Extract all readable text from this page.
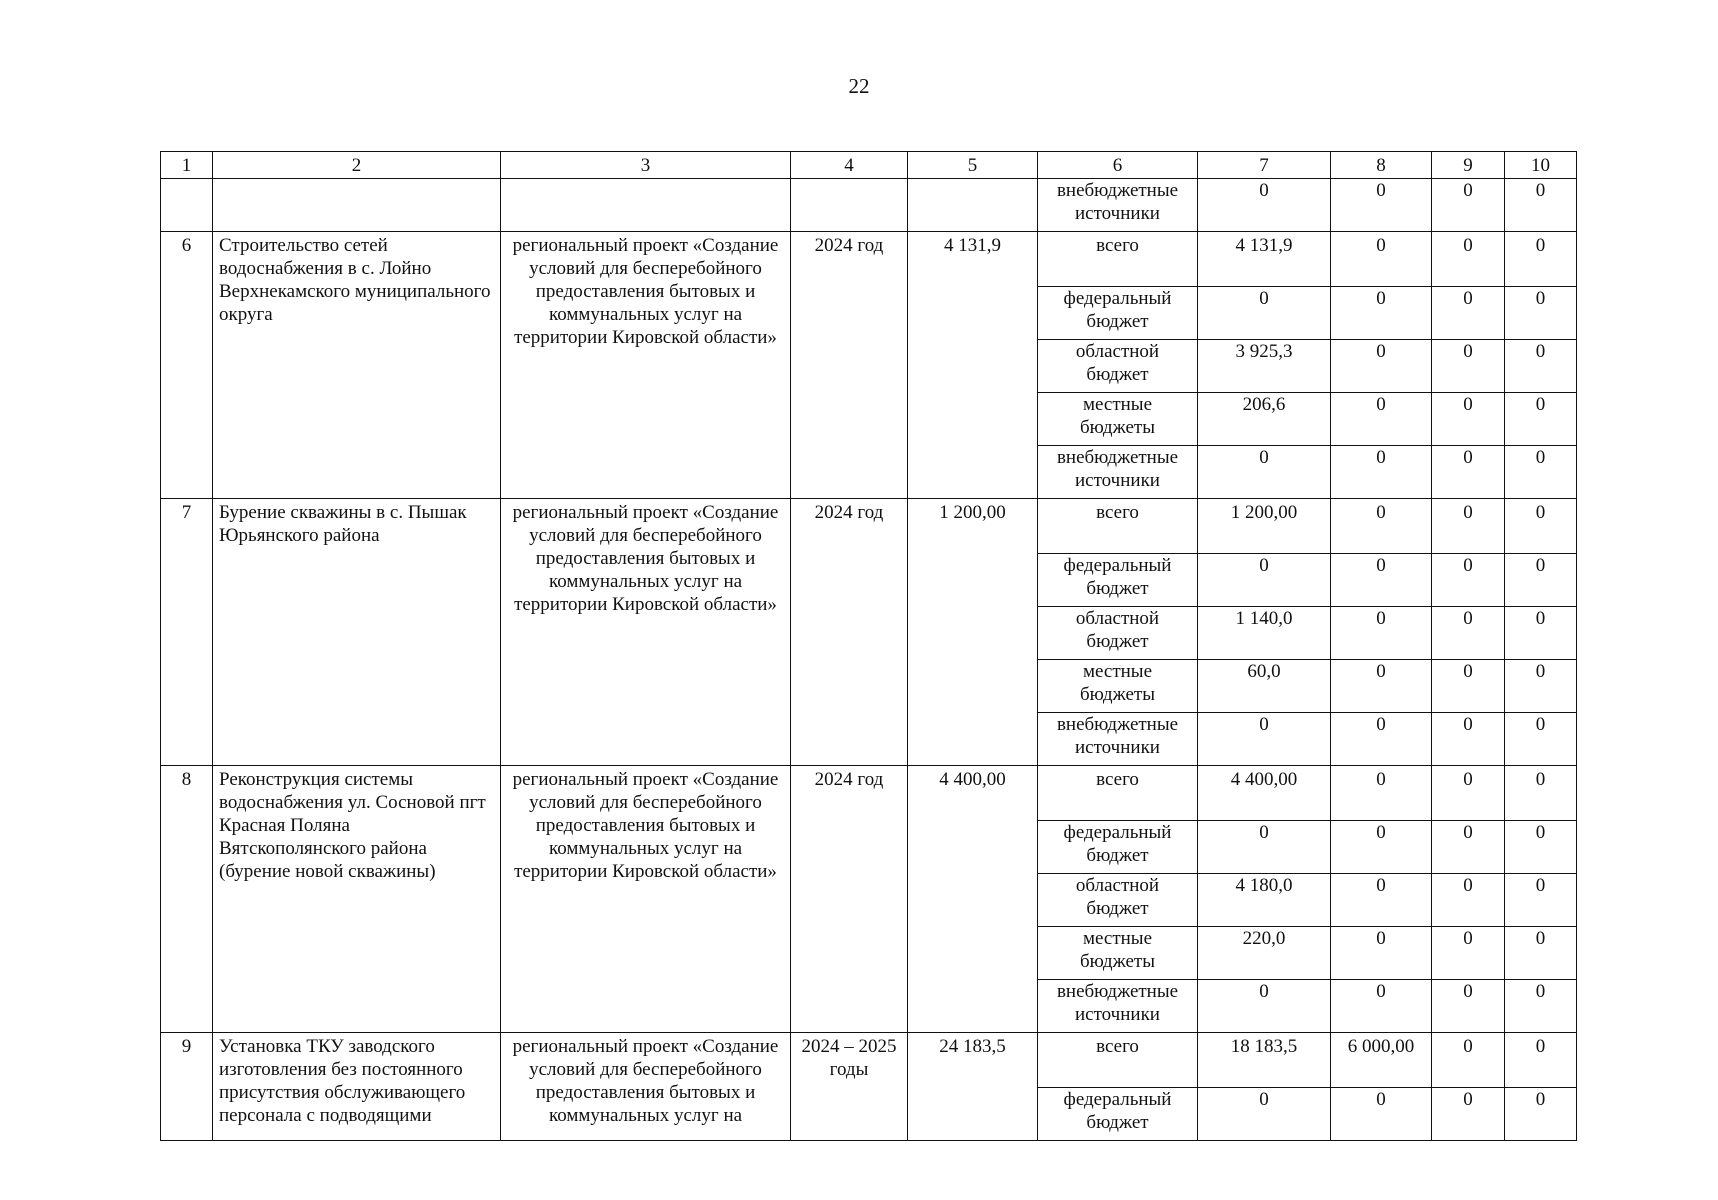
22
1	2	3	4	5	6	7	8	9	10
					внебюджетные источники	0	0	0	0
6	Строительство сетей водоснабжения в с. Лойно Верхнекамского муниципального округа	региональный проект «Создание условий для бесперебойного предоставления бытовых и коммунальных услуг на территории Кировской области»	2024 год	4 131,9	всего	4 131,9	0	0	0
					федеральный бюджет	0	0	0	0
					областной бюджет	3 925,3	0	0	0
					местные бюджеты	206,6	0	0	0
					внебюджетные источники	0	0	0	0
7	Бурение скважины в с. Пышак Юрьянского района	региональный проект «Создание условий для бесперебойного предоставления бытовых и коммунальных услуг на территории Кировской области»	2024 год	1 200,00	всего	1 200,00	0	0	0
					федеральный бюджет	0	0	0	0
					областной бюджет	1 140,0	0	0	0
					местные бюджеты	60,0	0	0	0
					внебюджетные источники	0	0	0	0
8	Реконструкция системы водоснабжения ул. Сосновой пгт Красная Поляна Вятскополянского района (бурение новой скважины)	региональный проект «Создание условий для бесперебойного предоставления бытовых и коммунальных услуг на территории Кировской области»	2024 год	4 400,00	всего	4 400,00	0	0	0
					федеральный бюджет	0	0	0	0
					областной бюджет	4 180,0	0	0	0
					местные бюджеты	220,0	0	0	0
					внебюджетные источники	0	0	0	0
9	Установка ТКУ заводского изготовления без постоянного присутствия обслуживающего персонала с подводящими	региональный проект «Создание условий для бесперебойного предоставления бытовых и коммунальных услуг на	2024 – 2025 годы	24 183,5	всего	18 183,5	6 000,00	0	0
					федеральный бюджет	0	0	0	0
